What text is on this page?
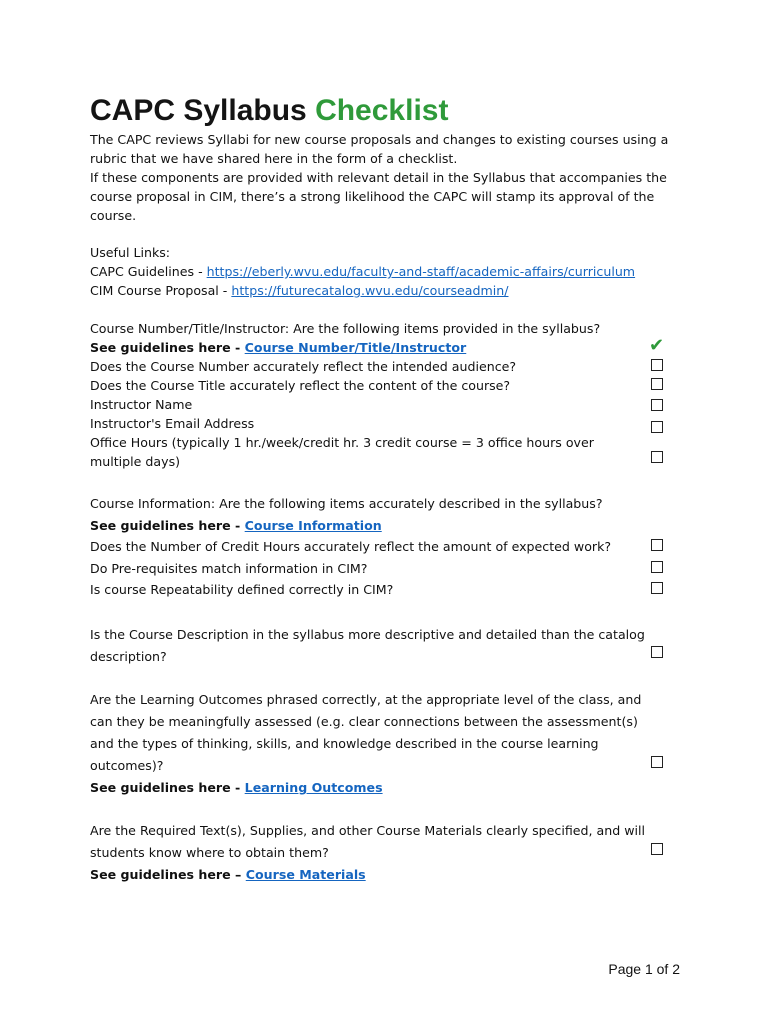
CAPC Syllabus Checklist
The CAPC reviews Syllabi for new course proposals and changes to existing courses using a
rubric that we have shared here in the form of a checklist.
If these components are provided with relevant detail in the Syllabus that accompanies the
course proposal in CIM, there’s a strong likelihood the CAPC will stamp its approval of the
course.
Useful Links:
CAPC Guidelines - https://eberly.wvu.edu/faculty-and-staff/academic-affairs/curriculum
CIM Course Proposal - https://futurecatalog.wvu.edu/courseadmin/
Course Number/Title/Instructor: Are the following items provided in the syllabus?
See guidelines here - Course Number/Title/Instructor
Does the Course Number accurately reflect the intended audience?
Does the Course Title accurately reflect the content of the course?
Instructor Name
Instructor's Email Address
Office Hours (typically 1 hr./week/credit hr. 3 credit course = 3 office hours over
multiple days)
✔
Course Information: Are the following items accurately described in the syllabus?
See guidelines here - Course Information
Does the Number of Credit Hours accurately reflect the amount of expected work?
Do Pre-requisites match information in CIM?
Is course Repeatability defined correctly in CIM?
Is the Course Description in the syllabus more descriptive and detailed than the catalog
description?
Are the Learning Outcomes phrased correctly, at the appropriate level of the class, and
can they be meaningfully assessed (e.g. clear connections between the assessment(s)
and the types of thinking, skills, and knowledge described in the course learning
outcomes)?
See guidelines here - Learning Outcomes
Are the Required Text(s), Supplies, and other Course Materials clearly specified, and will
students know where to obtain them?
See guidelines here – Course Materials
Page 1 of 2
